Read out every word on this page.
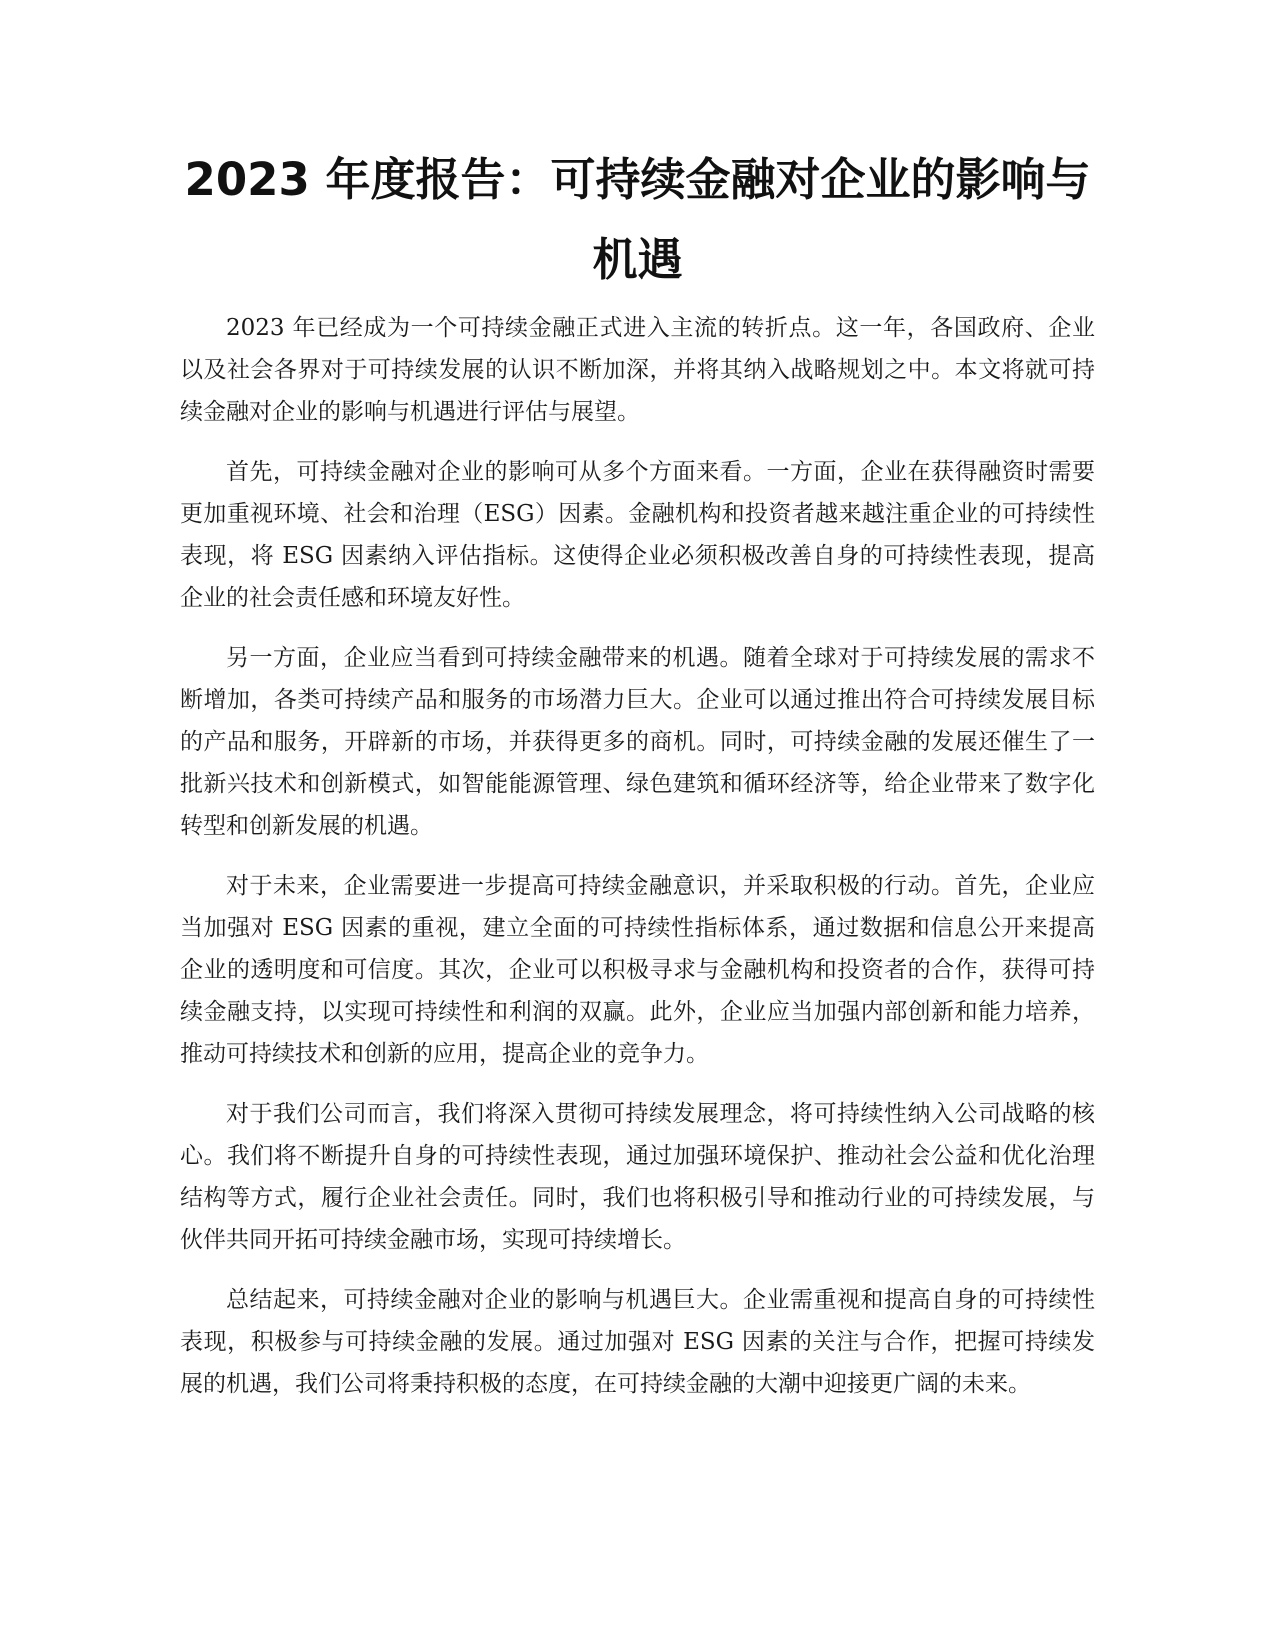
2023 年度报告：可持续金融对企业的影响与机遇

2023 年已经成为一个可持续金融正式进入主流的转折点。这一年，各国政府、企业以及社会各界对于可持续发展的认识不断加深，并将其纳入战略规划之中。本文将就可持续金融对企业的影响与机遇进行评估与展望。

首先，可持续金融对企业的影响可从多个方面来看。一方面，企业在获得融资时需要更加重视环境、社会和治理（ESG）因素。金融机构和投资者越来越注重企业的可持续性表现，将 ESG 因素纳入评估指标。这使得企业必须积极改善自身的可持续性表现，提高企业的社会责任感和环境友好性。

另一方面，企业应当看到可持续金融带来的机遇。随着全球对于可持续发展的需求不断增加，各类可持续产品和服务的市场潜力巨大。企业可以通过推出符合可持续发展目标的产品和服务，开辟新的市场，并获得更多的商机。同时，可持续金融的发展还催生了一批新兴技术和创新模式，如智能能源管理、绿色建筑和循环经济等，给企业带来了数字化转型和创新发展的机遇。

对于未来，企业需要进一步提高可持续金融意识，并采取积极的行动。首先，企业应当加强对 ESG 因素的重视，建立全面的可持续性指标体系，通过数据和信息公开来提高企业的透明度和可信度。其次，企业可以积极寻求与金融机构和投资者的合作，获得可持续金融支持，以实现可持续性和利润的双赢。此外，企业应当加强内部创新和能力培养，推动可持续技术和创新的应用，提高企业的竞争力。

对于我们公司而言，我们将深入贯彻可持续发展理念，将可持续性纳入公司战略的核心。我们将不断提升自身的可持续性表现，通过加强环境保护、推动社会公益和优化治理结构等方式，履行企业社会责任。同时，我们也将积极引导和推动行业的可持续发展，与伙伴共同开拓可持续金融市场，实现可持续增长。

总结起来，可持续金融对企业的影响与机遇巨大。企业需重视和提高自身的可持续性表现，积极参与可持续金融的发展。通过加强对 ESG 因素的关注与合作，把握可持续发展的机遇，我们公司将秉持积极的态度，在可持续金融的大潮中迎接更广阔的未来。
